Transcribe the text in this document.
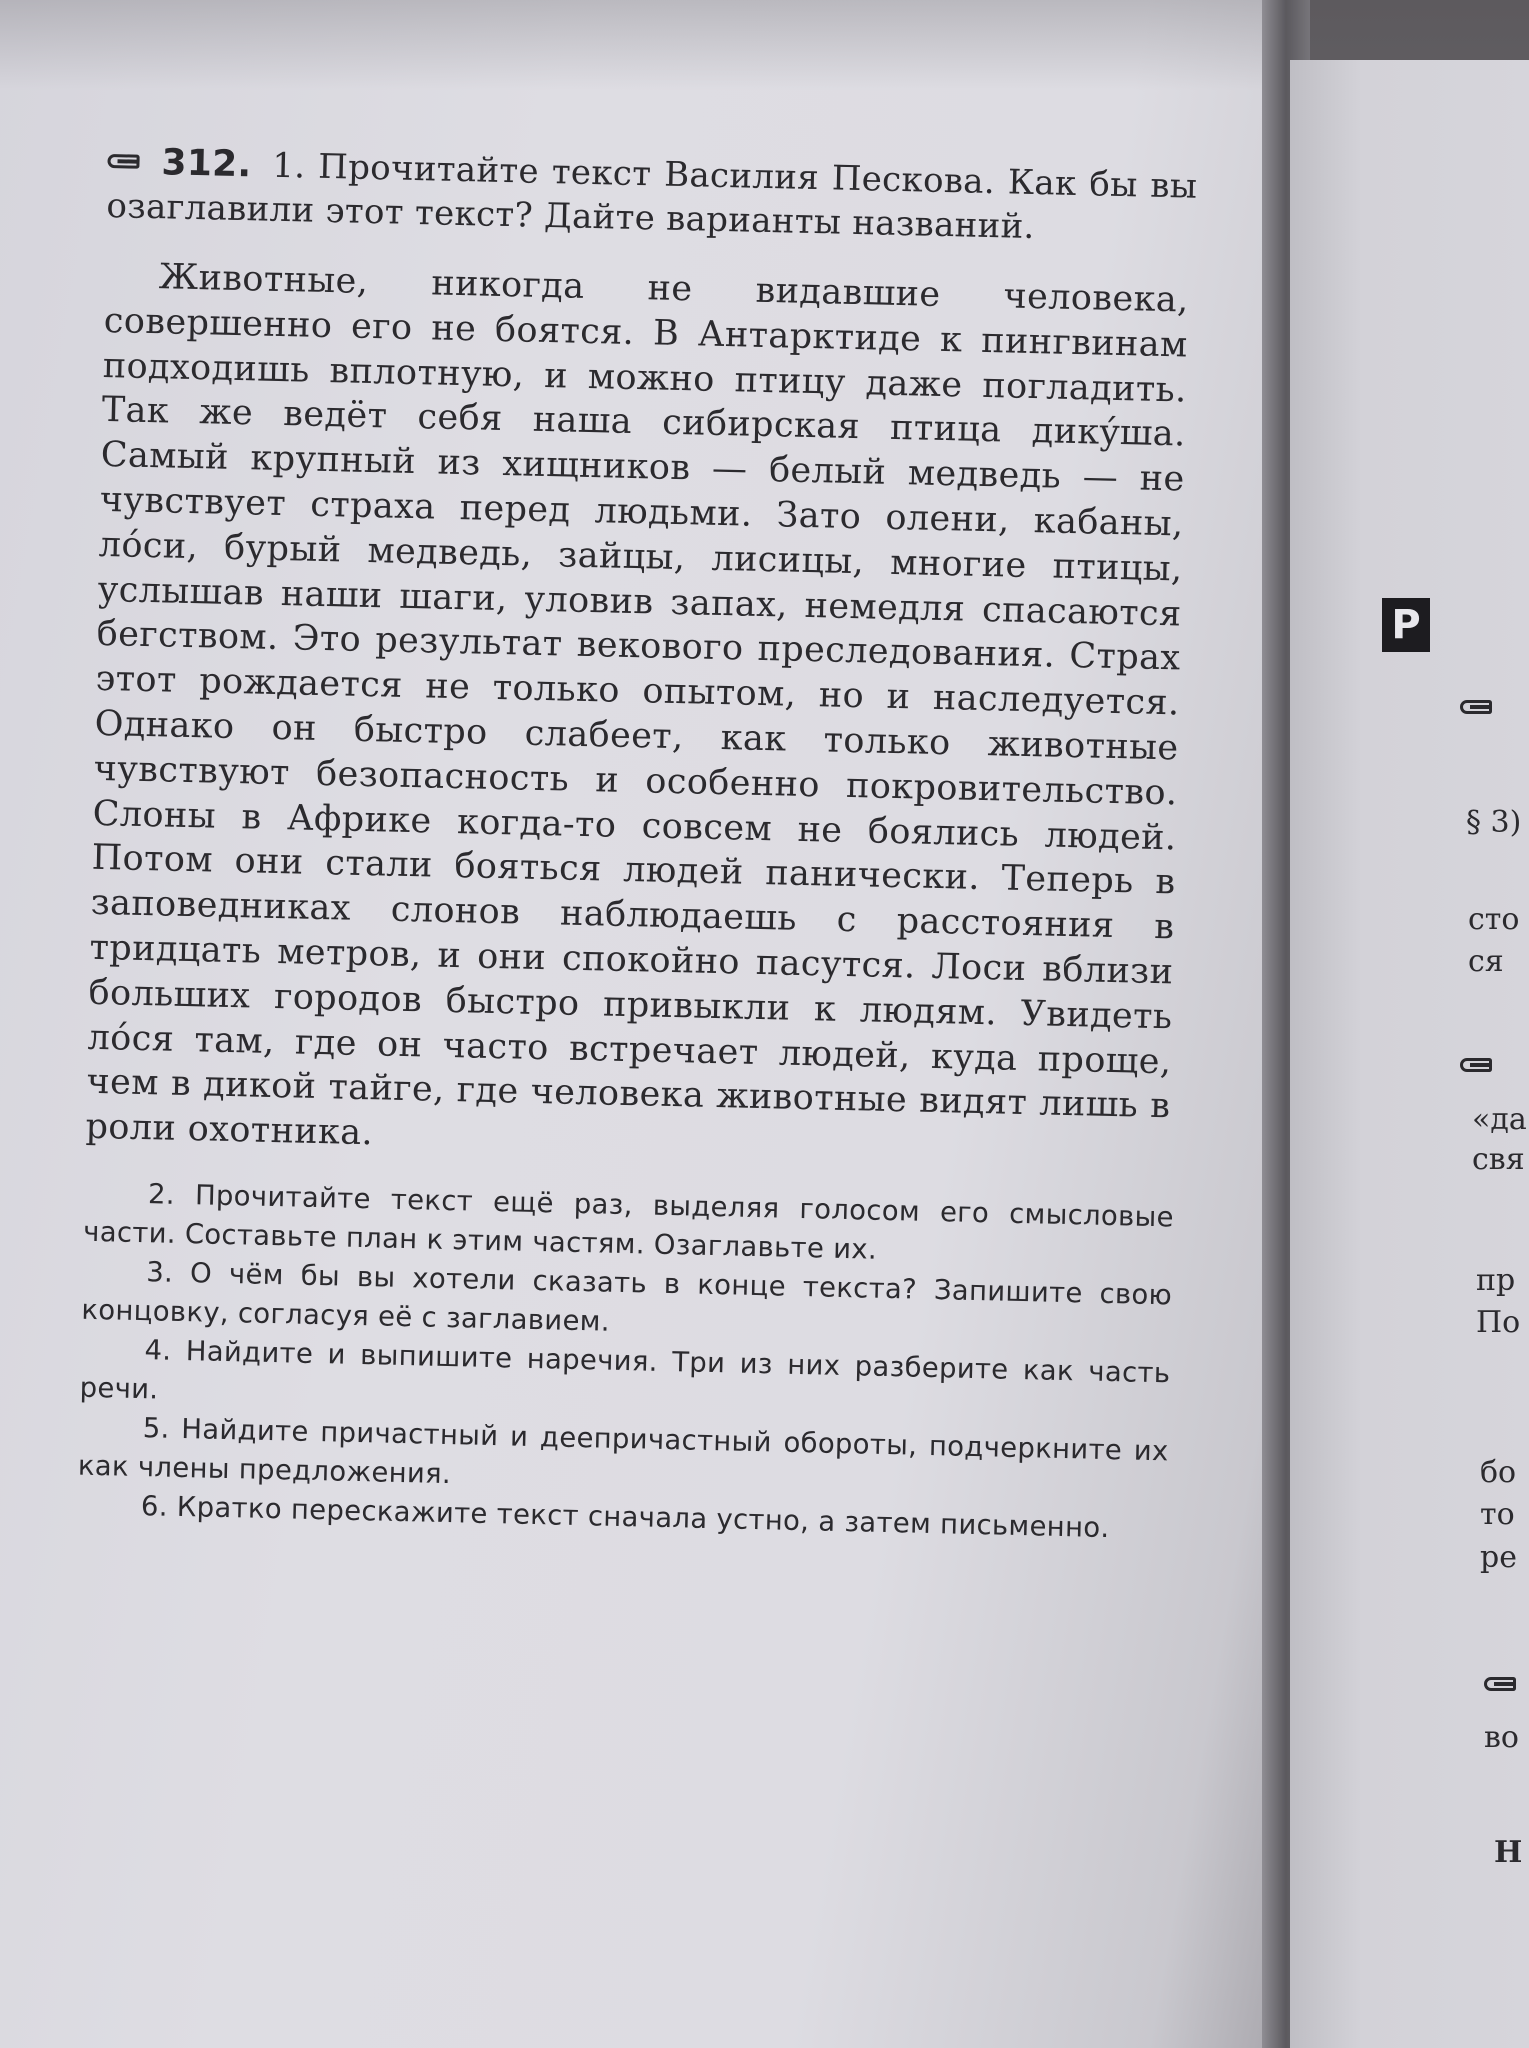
312. 1. Прочитайте текст Василия Пескова. Как бы вы озаглавили этот текст? Дайте варианты названий.

Животные, никогда не видавшие человека, совершенно его не боятся. В Антарктиде к пингвинам подходишь вплотную, и можно птицу даже погладить. Так же ведёт себя наша сибирская птица дикýша. Самый крупный из хищников — белый медведь — не чувствует страха перед людьми. Зато олени, кабаны, лóси, бурый медведь, зайцы, лисицы, многие птицы, услышав наши шаги, уловив запах, немедля спасаются бегством. Это результат векового преследования. Страх этот рождается не только опытом, но и наследуется. Однако он быстро слабеет, как только животные чувствуют безопасность и особенно покровительство. Слоны в Африке когда-то совсем не боялись людей. Потом они стали бояться людей панически. Теперь в заповедниках слонов наблюдаешь с расстояния в тридцать метров, и они спокойно пасутся. Лоси вблизи больших городов быстро привыкли к людям. Увидеть лóся там, где он часто встречает людей, куда проще, чем в дикой тайге, где человека животные видят лишь в роли охотника.

2. Прочитайте текст ещё раз, выделяя голосом его смысловые части. Составьте план к этим частям. Озаглавьте их.

3. О чём бы вы хотели сказать в конце текста? Запишите свою концовку, согласуя её с заглавием.

4. Найдите и выпишите наречия. Три из них разберите как часть речи.

5. Найдите причастный и деепричастный обороты, подчеркните их как члены предложения.

6. Кратко перескажите текст сначала устно, а затем письменно.

P
§ 3)
сто
ся
«да
свя
пр
По
бо
то
ре
во
Н
